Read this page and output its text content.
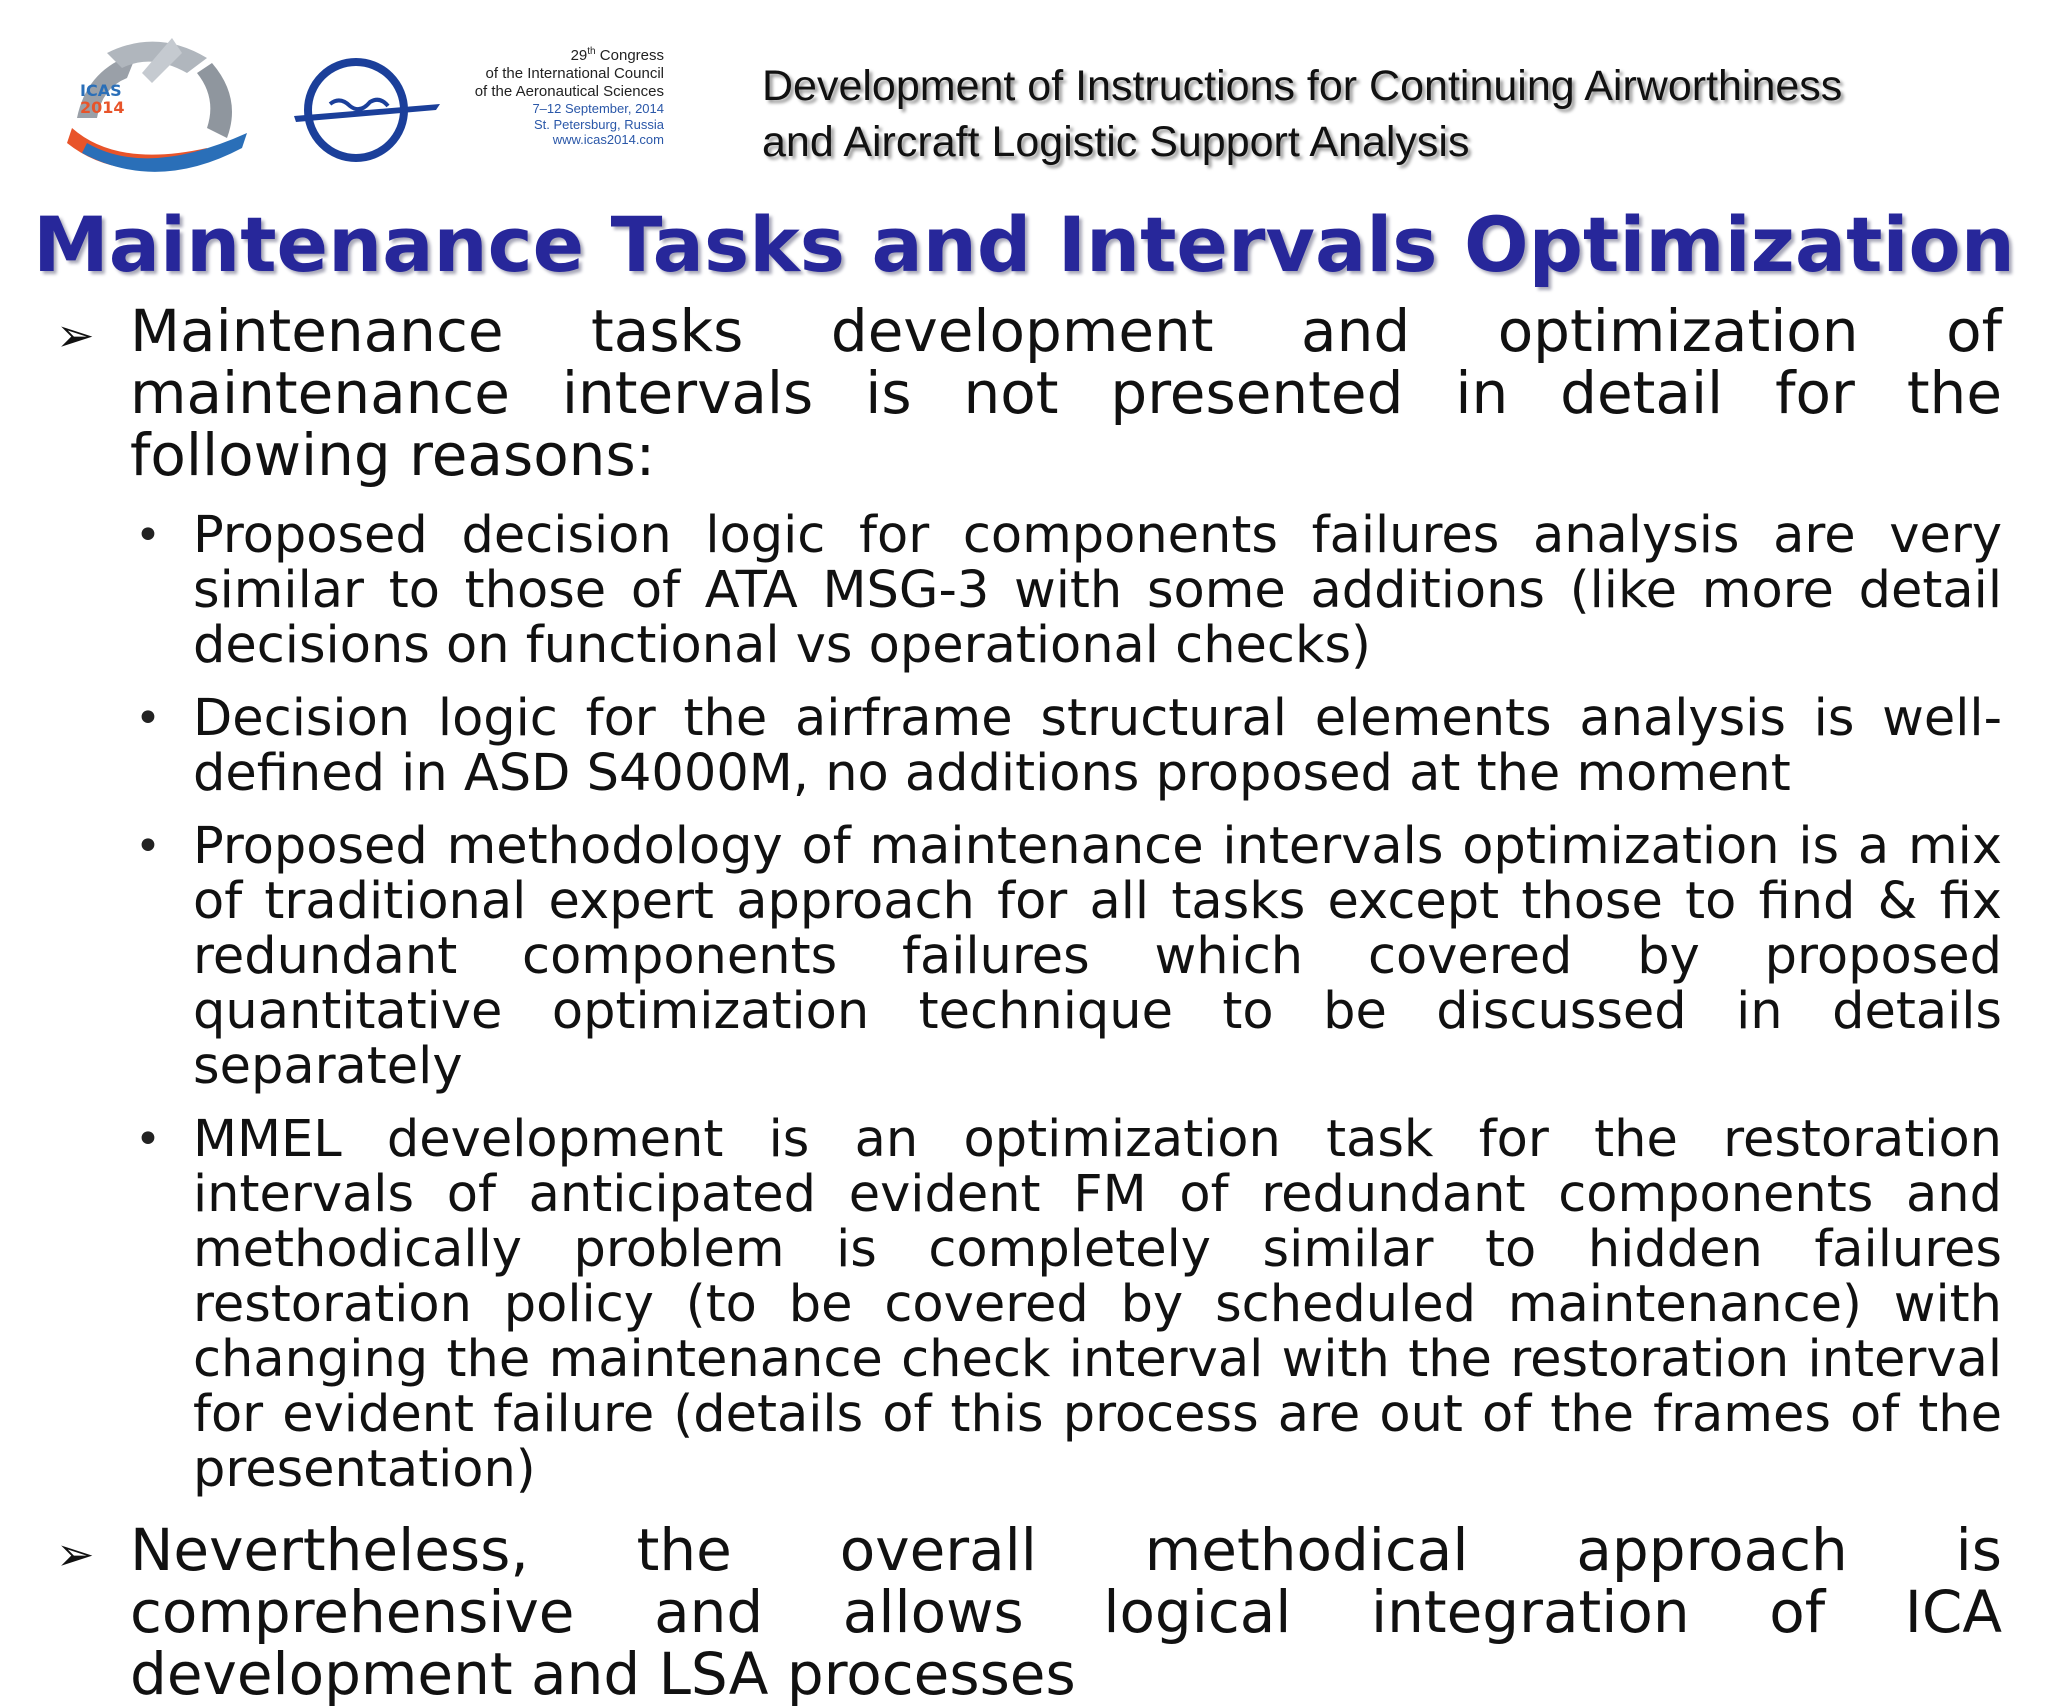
ICAS
2014
29th Congress
of the International Council
of the Aeronautical Sciences
7–12 September, 2014
St. Petersburg, Russia
www.icas2014.com
Development of Instructions for Continuing Airworthiness
and Aircraft Logistic Support Analysis
Maintenance Tasks and Intervals Optimization
➢ Maintenance tasks development and optimization of maintenance intervals is not presented in detail for the following reasons:
• Proposed decision logic for components failures analysis are very similar to those of ATA MSG-3 with some additions (like more detail decisions on functional vs operational checks)
• Decision logic for the airframe structural elements analysis is well-defined in ASD S4000M, no additions proposed at the moment
• Proposed methodology of maintenance intervals optimization is a mix of traditional expert approach for all tasks except those to find & fix redundant components failures which covered by proposed quantitative optimization technique to be discussed in details separately
• MMEL development is an optimization task for the restoration intervals of anticipated evident FM of redundant components and methodically problem is completely similar to hidden failures restoration policy (to be covered by scheduled maintenance) with changing the maintenance check interval with the restoration interval for evident failure (details of this process are out of the frames of the presentation)
➢ Nevertheless, the overall methodical approach is comprehensive and allows logical integration of ICA development and LSA processes
